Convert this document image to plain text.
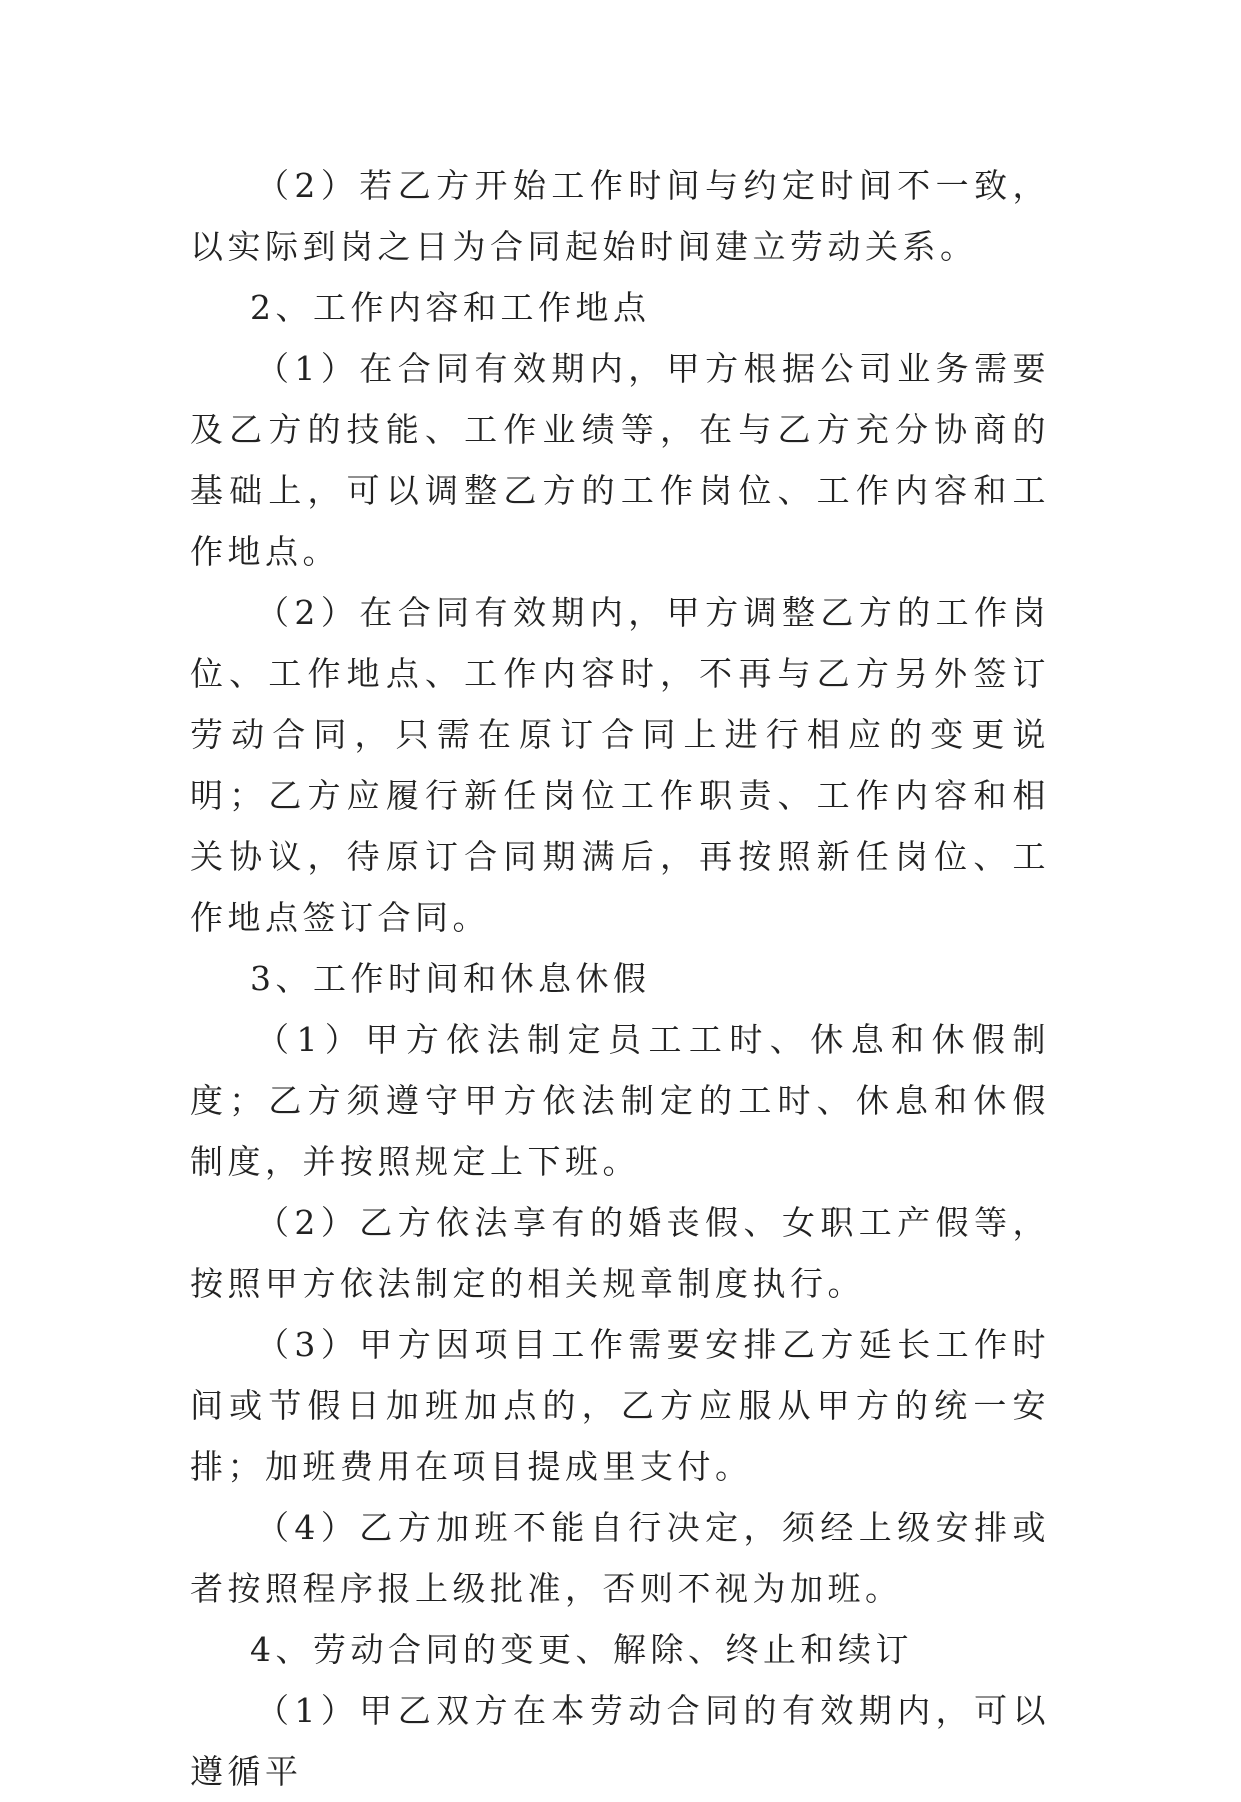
（2）若乙方开始工作时间与约定时间不一致，以实际到岗之日为合同起始时间建立劳动关系。

2、工作内容和工作地点

（1）在合同有效期内，甲方根据公司业务需要及乙方的技能、工作业绩等，在与乙方充分协商的基础上，可以调整乙方的工作岗位、工作内容和工作地点。

（2）在合同有效期内，甲方调整乙方的工作岗位、工作地点、工作内容时，不再与乙方另外签订劳动合同，只需在原订合同上进行相应的变更说明；乙方应履行新任岗位工作职责、工作内容和相关协议，待原订合同期满后，再按照新任岗位、工作地点签订合同。

3、工作时间和休息休假

（1）甲方依法制定员工工时、休息和休假制度；乙方须遵守甲方依法制定的工时、休息和休假制度，并按照规定上下班。

（2）乙方依法享有的婚丧假、女职工产假等，按照甲方依法制定的相关规章制度执行。

（3）甲方因项目工作需要安排乙方延长工作时间或节假日加班加点的，乙方应服从甲方的统一安排；加班费用在项目提成里支付。

（4）乙方加班不能自行决定，须经上级安排或者按照程序报上级批准，否则不视为加班。

4、劳动合同的变更、解除、终止和续订

（1）甲乙双方在本劳动合同的有效期内，可以遵循平
